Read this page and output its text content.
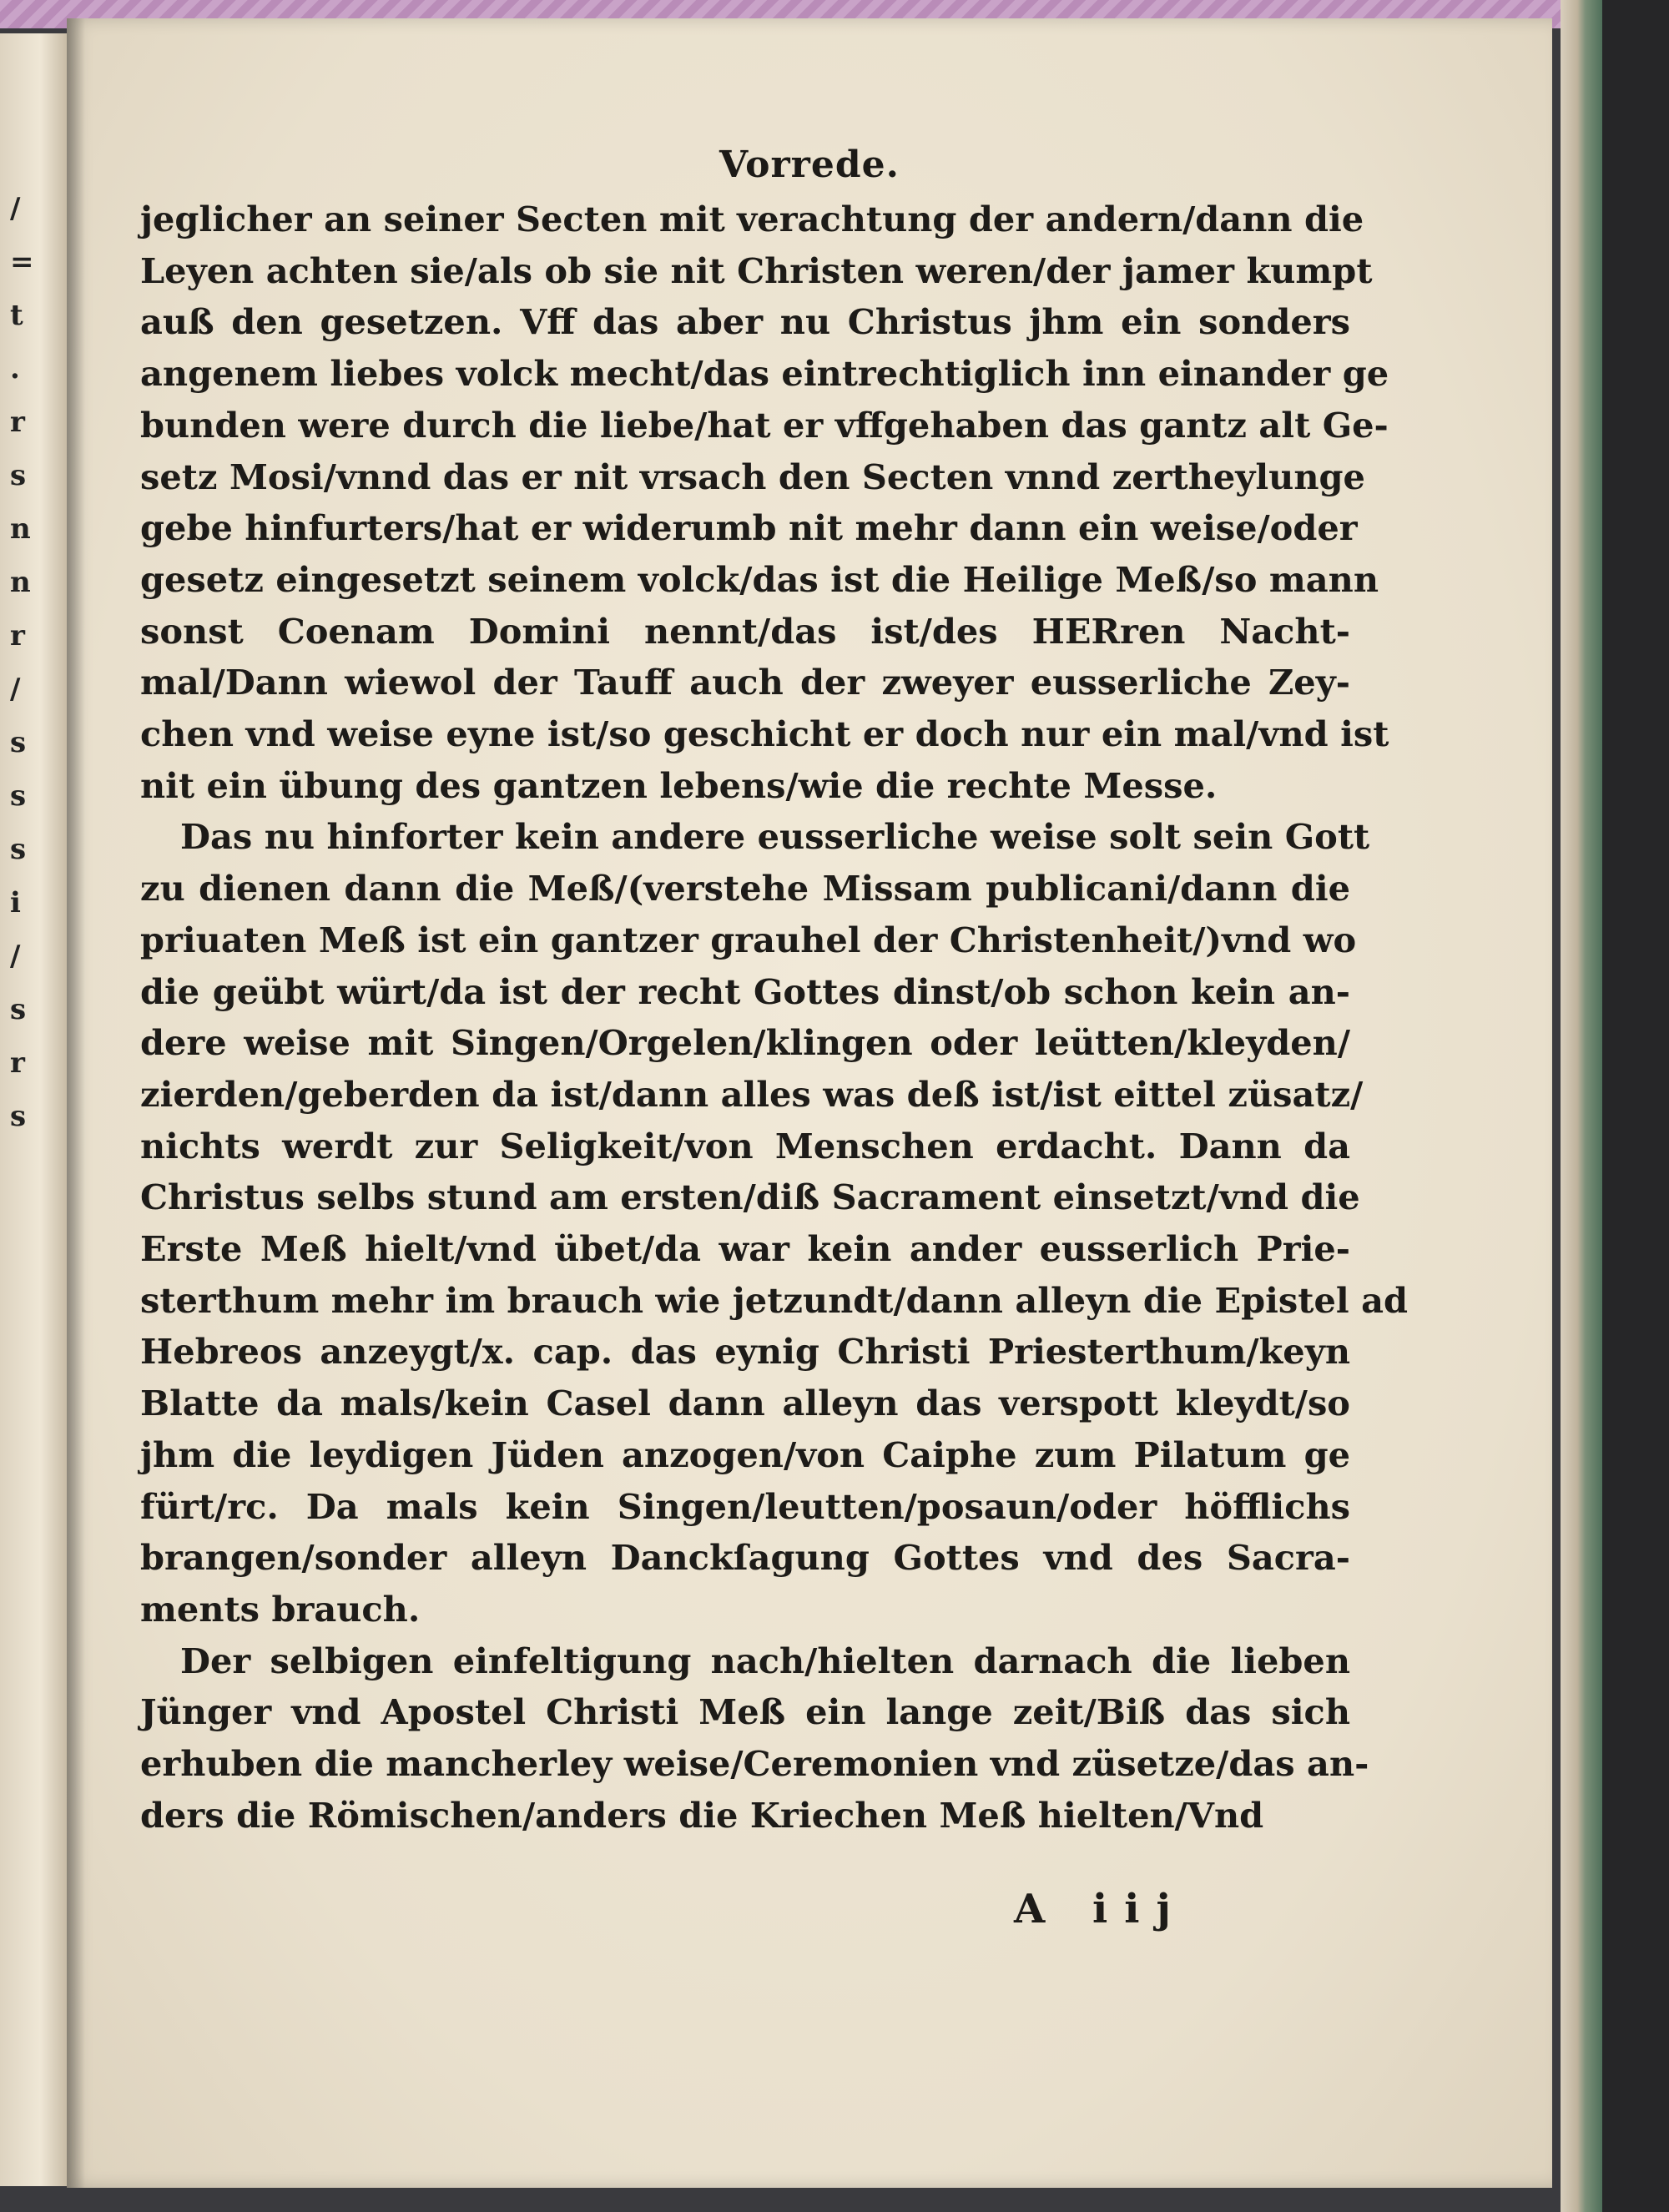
/
=
t
.
r
s
n
n
r
/
s
s
s
i
/
s
r
s
Vorrede.
jeglicher an seiner Secten mit verachtung der andern/dann die
Leyen achten sie/als ob sie nit Christen weren/der jamer kumpt
auß den gesetzen. Vff das aber nu Christus jhm ein sonders
angenem liebes volck mecht/das eintrechtiglich inn einander ge
bunden were durch die liebe/hat er vffgehaben das gantz alt Ge-
setz Mosi/vnnd das er nit vrsach den Secten vnnd zertheylunge
gebe hinfurters/hat er widerumb nit mehr dann ein weise/oder
gesetz eingesetzt seinem volck/das ist die Heilige Meß/so mann
sonst Coenam Domini nennt/das ist/des HERren Nacht-
mal/Dann wiewol der Tauff auch der zweyer eusserliche Zey-
chen vnd weise eyne ist/so geschicht er doch nur ein mal/vnd ist
nit ein übung des gantzen lebens/wie die rechte Messe.
Das nu hinforter kein andere eusserliche weise solt sein Gott
zu dienen dann die Meß/(verstehe Missam publicani/dann die
priuaten Meß ist ein gantzer grauhel der Christenheit/)vnd wo
die geübt würt/da ist der recht Gottes dinst/ob schon kein an-
dere weise mit Singen/Orgelen/klingen oder leütten/kleyden/
zierden/geberden da ist/dann alles was deß ist/ist eittel züsatz/
nichts werdt zur Seligkeit/von Menschen erdacht. Dann da
Christus selbs stund am ersten/diß Sacrament einsetzt/vnd die
Erste Meß hielt/vnd übet/da war kein ander eusserlich Prie-
sterthum mehr im brauch wie jetzundt/dann alleyn die Epistel ad
Hebreos anzeygt/x. cap. das eynig Christi Priesterthum/keyn
Blatte da mals/kein Casel dann alleyn das verspott kleydt/so
jhm die leydigen Jüden anzogen/von Caiphe zum Pilatum ge
fürt/rc. Da mals kein Singen/leutten/posaun/oder höfflichs
brangen/sonder alleyn Danckſagung Gottes vnd des Sacra-
ments brauch.
Der selbigen einfeltigung nach/hielten darnach die lieben
Jünger vnd Apostel Christi Meß ein lange zeit/Biß das sich
erhuben die mancherley weise/Ceremonien vnd züsetze/das an-
ders die Römischen/anders die Kriechen Meß hielten/Vnd
A iij
